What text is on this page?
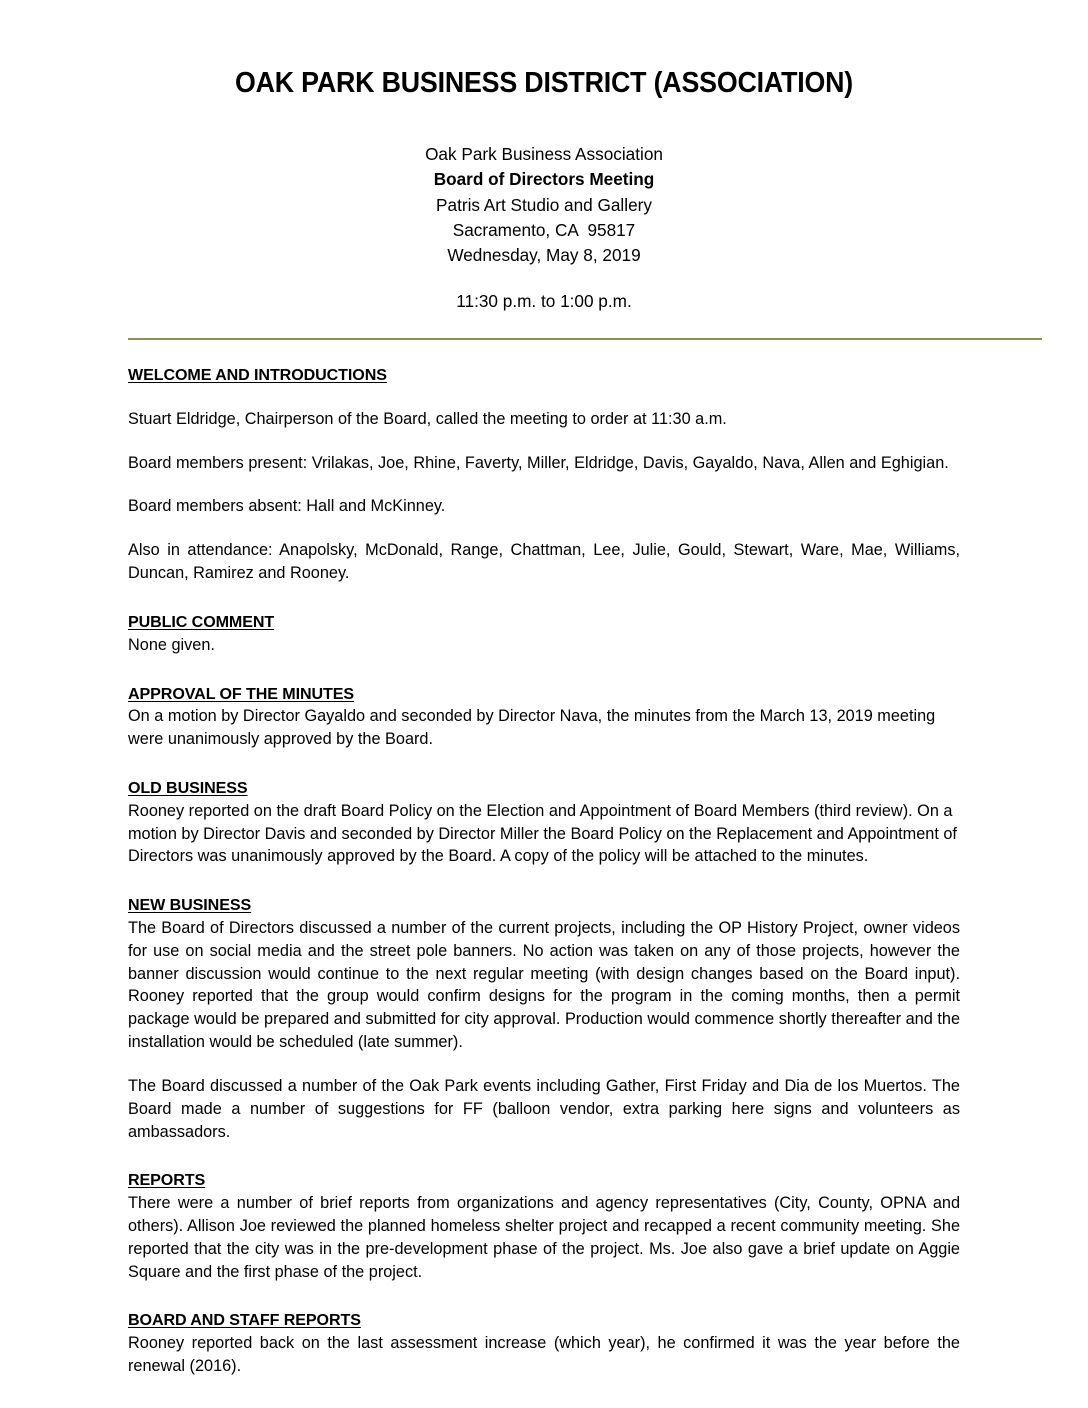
OAK PARK BUSINESS DISTRICT (ASSOCIATION)
Oak Park Business Association
Board of Directors Meeting
Patris Art Studio and Gallery
Sacramento, CA  95817
Wednesday, May 8, 2019
11:30 p.m. to 1:00 p.m.
WELCOME AND INTRODUCTIONS

Stuart Eldridge, Chairperson of the Board, called the meeting to order at 11:30 a.m.

Board members present: Vrilakas, Joe, Rhine, Faverty, Miller, Eldridge, Davis, Gayaldo, Nava, Allen and Eghigian.

Board members absent: Hall and McKinney.

Also in attendance: Anapolsky, McDonald, Range, Chattman, Lee, Julie, Gould, Stewart, Ware, Mae, Williams, Duncan, Ramirez and Rooney.

PUBLIC COMMENT

None given.

APPROVAL OF THE MINUTES

On a motion by Director Gayaldo and seconded by Director Nava, the minutes from the March 13, 2019 meeting were unanimously approved by the Board.

OLD BUSINESS

Rooney reported on the draft Board Policy on the Election and Appointment of Board Members (third review). On a motion by Director Davis and seconded by Director Miller the Board Policy on the Replacement and Appointment of Directors was unanimously approved by the Board. A copy of the policy will be attached to the minutes.

NEW BUSINESS

The Board of Directors discussed a number of the current projects, including the OP History Project, owner videos for use on social media and the street pole banners. No action was taken on any of those projects, however the banner discussion would continue to the next regular meeting (with design changes based on the Board input). Rooney reported that the group would confirm designs for the program in the coming months, then a permit package would be prepared and submitted for city approval. Production would commence shortly thereafter and the installation would be scheduled (late summer).

The Board discussed a number of the Oak Park events including Gather, First Friday and Dia de los Muertos. The Board made a number of suggestions for FF (balloon vendor, extra parking here signs and volunteers as ambassadors.

REPORTS

There were a number of brief reports from organizations and agency representatives (City, County, OPNA and others). Allison Joe reviewed the planned homeless shelter project and recapped a recent community meeting. She reported that the city was in the pre-development phase of the project. Ms. Joe also gave a brief update on Aggie Square and the first phase of the project.

BOARD AND STAFF REPORTS

Rooney reported back on the last assessment increase (which year), he confirmed it was the year before the renewal (2016).
